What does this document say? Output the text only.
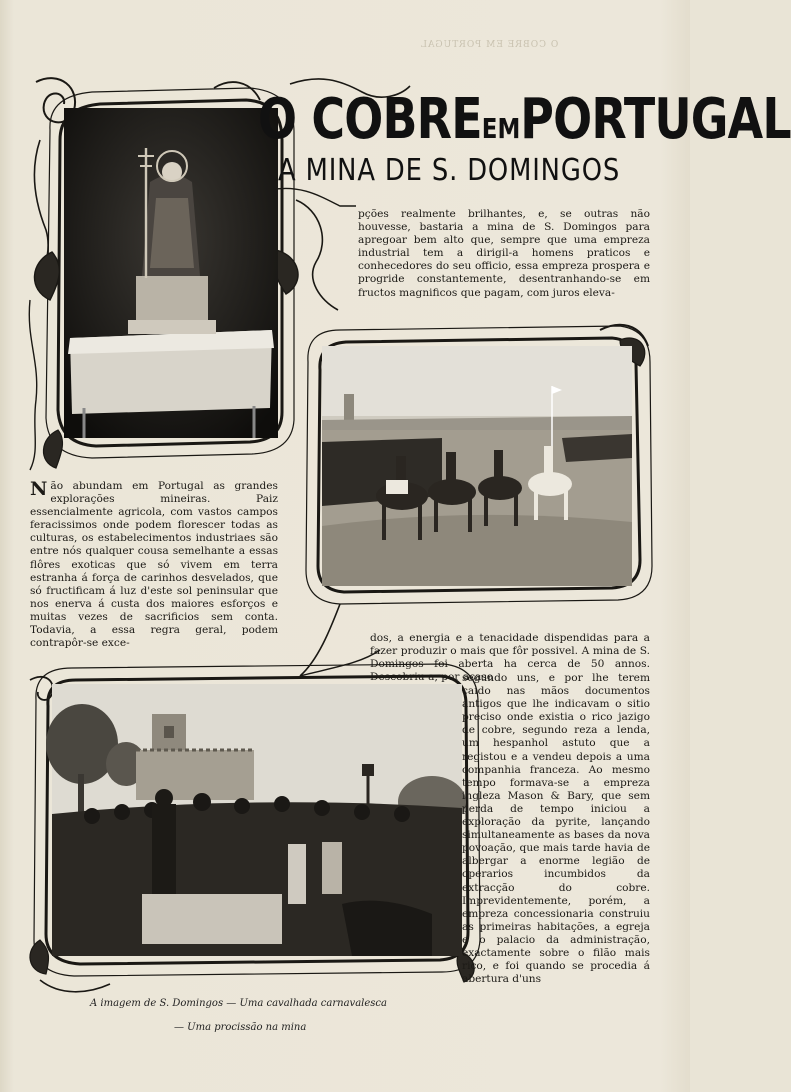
O COBRE EM PORTUGAL
O COBREEMPORTUGAL
A MINA DE S. DOMINGOS

pções realmente brilhantes, e, se outras não houvesse, bastaria a mina de S. Domingos para apregoar bem alto que, sempre que uma empreza industrial tem a dirigil-a homens praticos e conhecedores do seu officio, essa empreza prospera e progride constantemente, desentranhando-se em fructos magnificos que pagam, com juros eleva-

Não abundam em Portugal as grandes explorações mineiras. Paiz essencialmente agricola, com vastos campos feracissimos onde podem florescer todas as culturas, os estabelecimentos industriaes são entre nós qualquer cousa semelhante a essas flôres exoticas que só vivem em terra estranha á força de carinhos desvelados, que só fructificam á luz d'este sol peninsular que nos enerva á custa dos maiores esforços e muitas vezes de sacrificios sem conta. Todavia, a essa regra geral, podem contrapôr-se exce-	dos, a energia e a tenacidade dispendidas para a fazer produzir o mais que fôr possivel. A mina de S. Domingos foi aberta ha cerca de 50 annos. Descobriu-a, por acaso

segundo uns, e por lhe terem caido nas mãos documentos antigos que lhe indicavam o sitio preciso onde existia o rico jazigo de cobre, segundo reza a lenda, um hespanhol astuto que a registou e a vendeu depois a uma companhia franceza. Ao mesmo tempo formava-se a empreza ingleza Mason & Bary, que sem perda de tempo iniciou a exploração da pyrite, lançando simultaneamente as bases da nova povoação, que mais tarde havia de albergar a enorme legião de operarios incumbidos da extracção do cobre. Imprevidentemente, porém, a empreza concessionaria construiu as primeiras habitações, a egreja e o palacio da administração, exactamente sobre o filão mais rico, e foi quando se procedia á abertura d'uns

A imagem de S. Domingos — Uma cavalhada carnavalesca
— Uma procissão na mina
